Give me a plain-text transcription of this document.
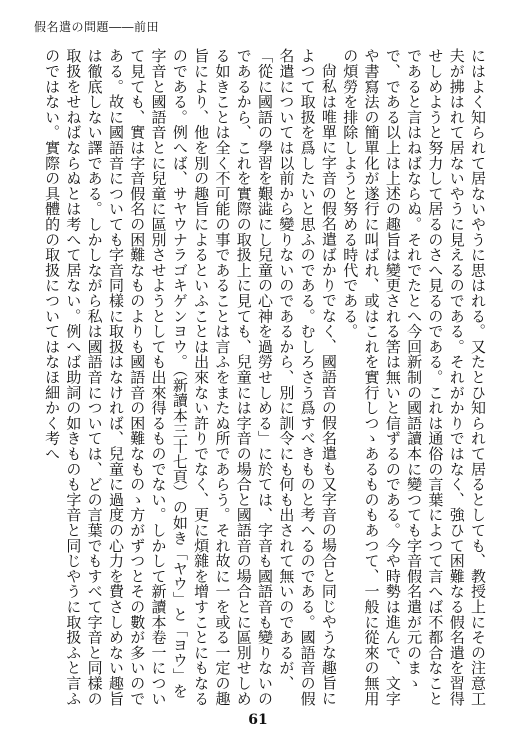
假名遣の問題――前田

にはよく知られて居ないやうに思はれる。又たとひ知られて居るとしても、教授上にその注意工夫が拂はれて居ないやうに見えるのである。それがかりではなく、強ひて困難なる假名遣を習得せしめようと努力して居るのさへ見るのである。これは通俗の言葉によつて言へば不都合なことであると言はねばならぬ。それでたとへ今回新制の國語讀本に變つても字音假名遣が元のまゝで、である以上は上述の趣旨は變更される筈は無いと信ずるのである。今や時勢は進んで、文字や書寫法の簡單化が遂行に叫ばれ、或はこれを實行しつゝあるものもあつて、一般に從來の無用の煩勞を排除しようと努める時代である。

尙私は唯單に字音の假名遣ばかりでなく、國語音の假名遣も又字音の場合と同じやうな趣旨によつて取扱を爲したいと思ふのである。むしろさう爲すべきものと考へるのである。國語音の假名遣については以前から變りないのであるから、別に訓令にも何も出されて無いのであるが、「從に國語の學習を艱澁にし兒童の心神を過勞せしめる」に於ては、字音も國語音も變りないのであるから、これを實際の取扱上に見ても、兒童には字音の場合と國語音の場合とに區別せしめる如きことは全く不可能の事であることは言ふをまたぬ所であらう。それ故に一を或る一定の趣旨により、他を別の趣旨によるといふことは出來ない許りでなく、更に煩雜を增すことにもなるのである。例へば、サヤウナラゴキゲンヨウ。（新讀本三十七頁）の如き「ヤウ」と「ヨウ」を字音と國語音とに兒童に區別させようとしても出來得るものでない。しかして新讀本卷一について見ても、實は字音假名の困難なものよりも國語音の困難なものゝ方がずつとその數が多いのである。故に國語音についても字音同樣に取扱はなければ、兒童に過度の心力を費さしめない趣旨は徹底しない譯である。しかしながら私は國語音については、どの言葉でもすべて字音と同樣の取扱をせねばならぬとは考へて居ない。例へば助詞の如きものも字音と同じやうに取扱ふと言ふのではない。實際の具體的の取扱についてはなほ細かく考へ

61
